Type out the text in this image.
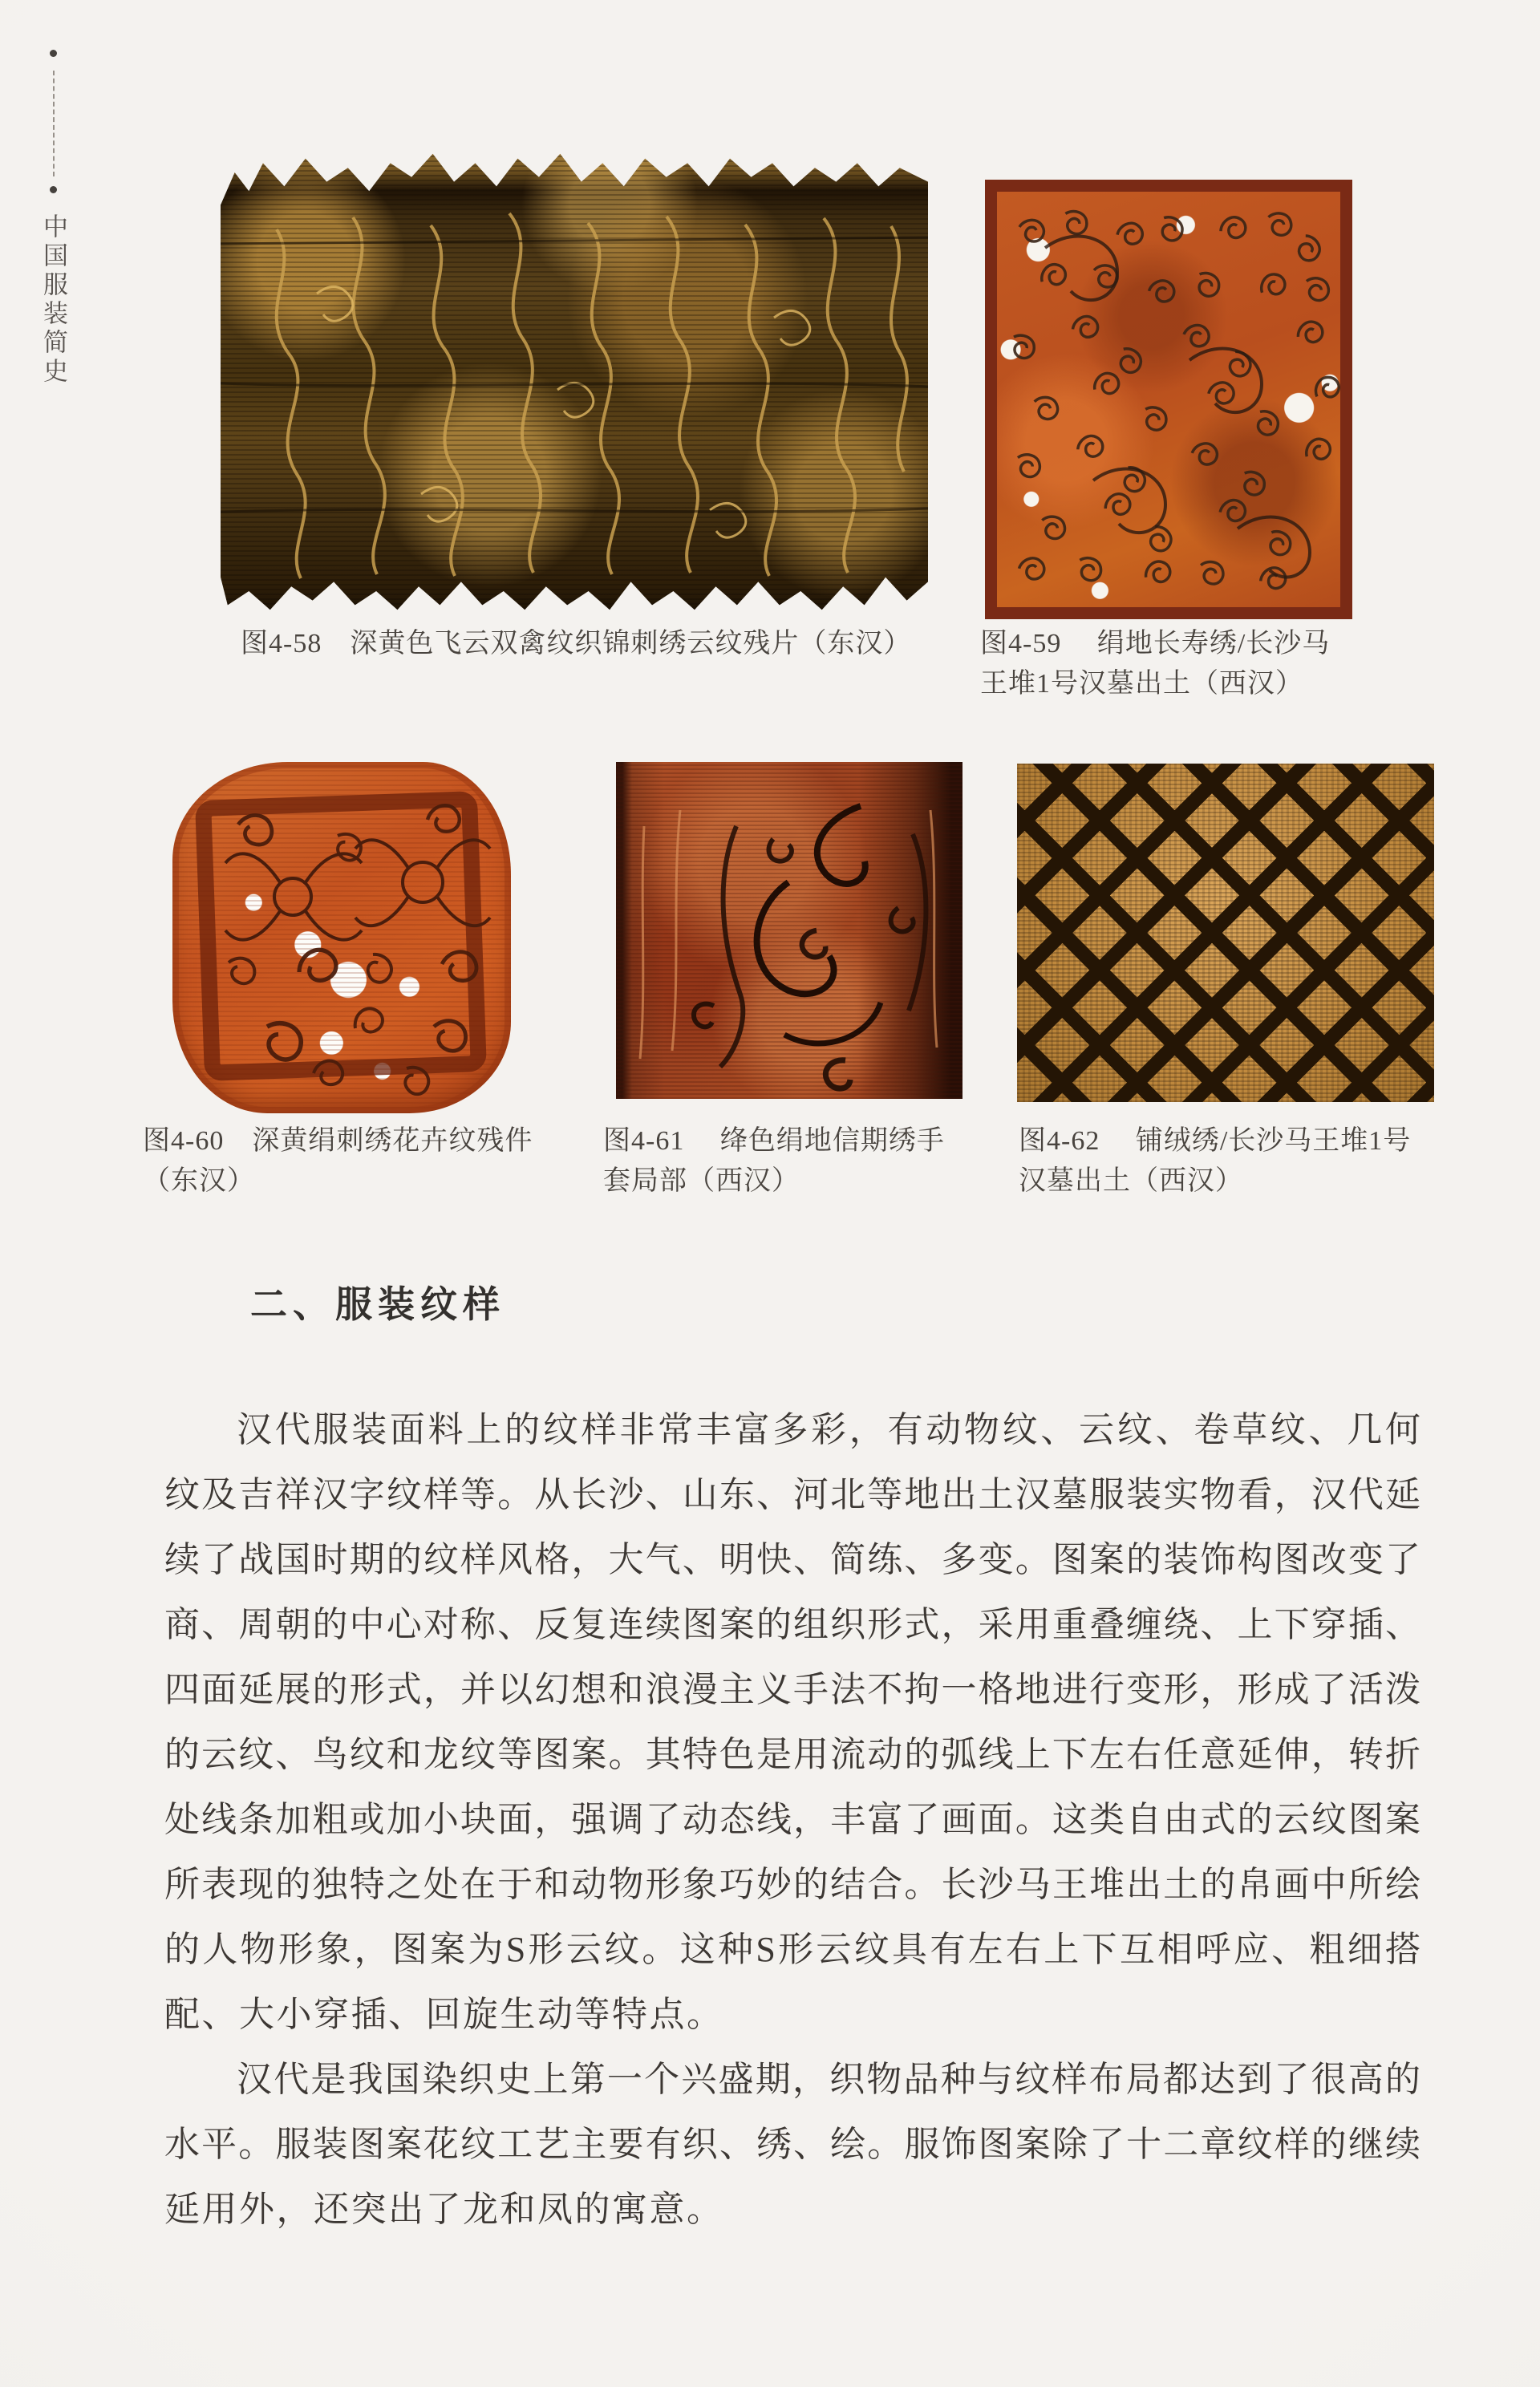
中国服装简史
图4-58　深黄色飞云双禽纹织锦刺绣云纹残片（东汉）	图4-59　 绢地长寿绣/长沙马
王堆1号汉墓出土（西汉）
图4-60　深黄绢刺绣花卉纹残件
（东汉）
图4-61　 绛色绢地信期绣手
套局部（西汉）
图4-62　 铺绒绣/长沙马王堆1号
汉墓出土（西汉）
二、服装纹样
汉代服装面料上的纹样非常丰富多彩，有动物纹、云纹、卷草纹、几何
纹及吉祥汉字纹样等。从长沙、山东、河北等地出土汉墓服装实物看，汉代延
续了战国时期的纹样风格，大气、明快、简练、多变。图案的装饰构图改变了
商、周朝的中心对称、反复连续图案的组织形式，采用重叠缠绕、上下穿插、
四面延展的形式，并以幻想和浪漫主义手法不拘一格地进行变形，形成了活泼
的云纹、鸟纹和龙纹等图案。其特色是用流动的弧线上下左右任意延伸，转折
处线条加粗或加小块面，强调了动态线，丰富了画面。这类自由式的云纹图案
所表现的独特之处在于和动物形象巧妙的结合。长沙马王堆出土的帛画中所绘
的人物形象，图案为S形云纹。这种S形云纹具有左右上下互相呼应、粗细搭
配、大小穿插、回旋生动等特点。
汉代是我国染织史上第一个兴盛期，织物品种与纹样布局都达到了很高的
水平。服装图案花纹工艺主要有织、绣、绘。服饰图案除了十二章纹样的继续
延用外，还突出了龙和凤的寓意。
